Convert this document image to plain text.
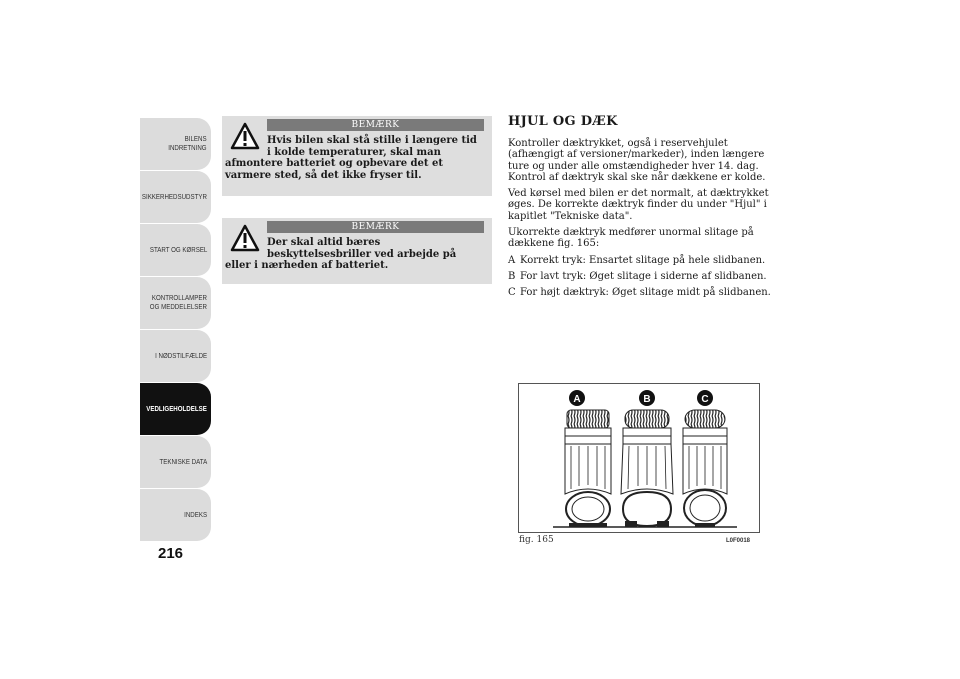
BILENS
INDRETNING
SIKKERHEDSUDSTYR
START OG KØRSEL
KONTROLLAMPER
OG MEDDELELSER
I NØDSTILFÆLDE
VEDLIGEHOLDELSE
TEKNISKE DATA
INDEKS
216
BEMÆRK
Hvis bilen skal stå stille i længere tid
i kolde temperaturer, skal man afmontere batteriet og opbevare det et varmere sted, så det ikke fryser til.
BEMÆRK
Der skal altid bæres
beskyttelsesbriller ved arbejde på eller i nærheden af batteriet.
HJUL OG DÆK

Kontroller dæktrykket, også i reservehjulet (afhængigt af versioner/markeder), inden længere ture og under alle omstændigheder hver 14. dag. Kontrol af dæktryk skal ske når dækkene er kolde.

Ved kørsel med bilen er det normalt, at dæktrykket øges. De korrekte dæktryk finder du under "Hjul" i kapitlet "Tekniske data".

Ukorrekte dæktryk medfører unormal slitage på dækkene fig. 165:

A Korrekt tryk: Ensartet slitage på hele slidbanen.
B For lavt tryk: Øget slitage i siderne af slidbanen.
C For højt dæktryk: Øget slitage midt på slidbanen.
A	B	C
fig. 165	L0F0018
